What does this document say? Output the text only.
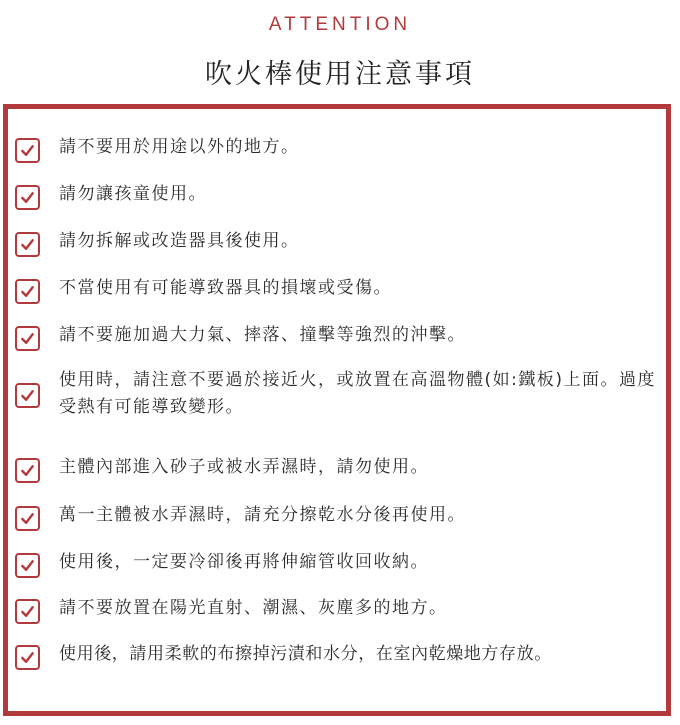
ATTENTION
吹火棒使用注意事項
請不要用於用途以外的地方。
請勿讓孩童使用。
請勿拆解或改造器具後使用。
不當使用有可能導致器具的損壞或受傷。
請不要施加過大力氣、摔落、撞擊等強烈的沖擊。
使用時，請注意不要過於接近火，或放置在高溫物體(如:鐵板)上面。過度受熱有可能導致變形。
主體內部進入砂子或被水弄濕時，請勿使用。
萬一主體被水弄濕時，請充分擦乾水分後再使用。
使用後，一定要冷卻後再將伸縮管收回收納。
請不要放置在陽光直射、潮濕、灰塵多的地方。
使用後，請用柔軟的布擦掉污漬和水分，在室內乾燥地方存放。
